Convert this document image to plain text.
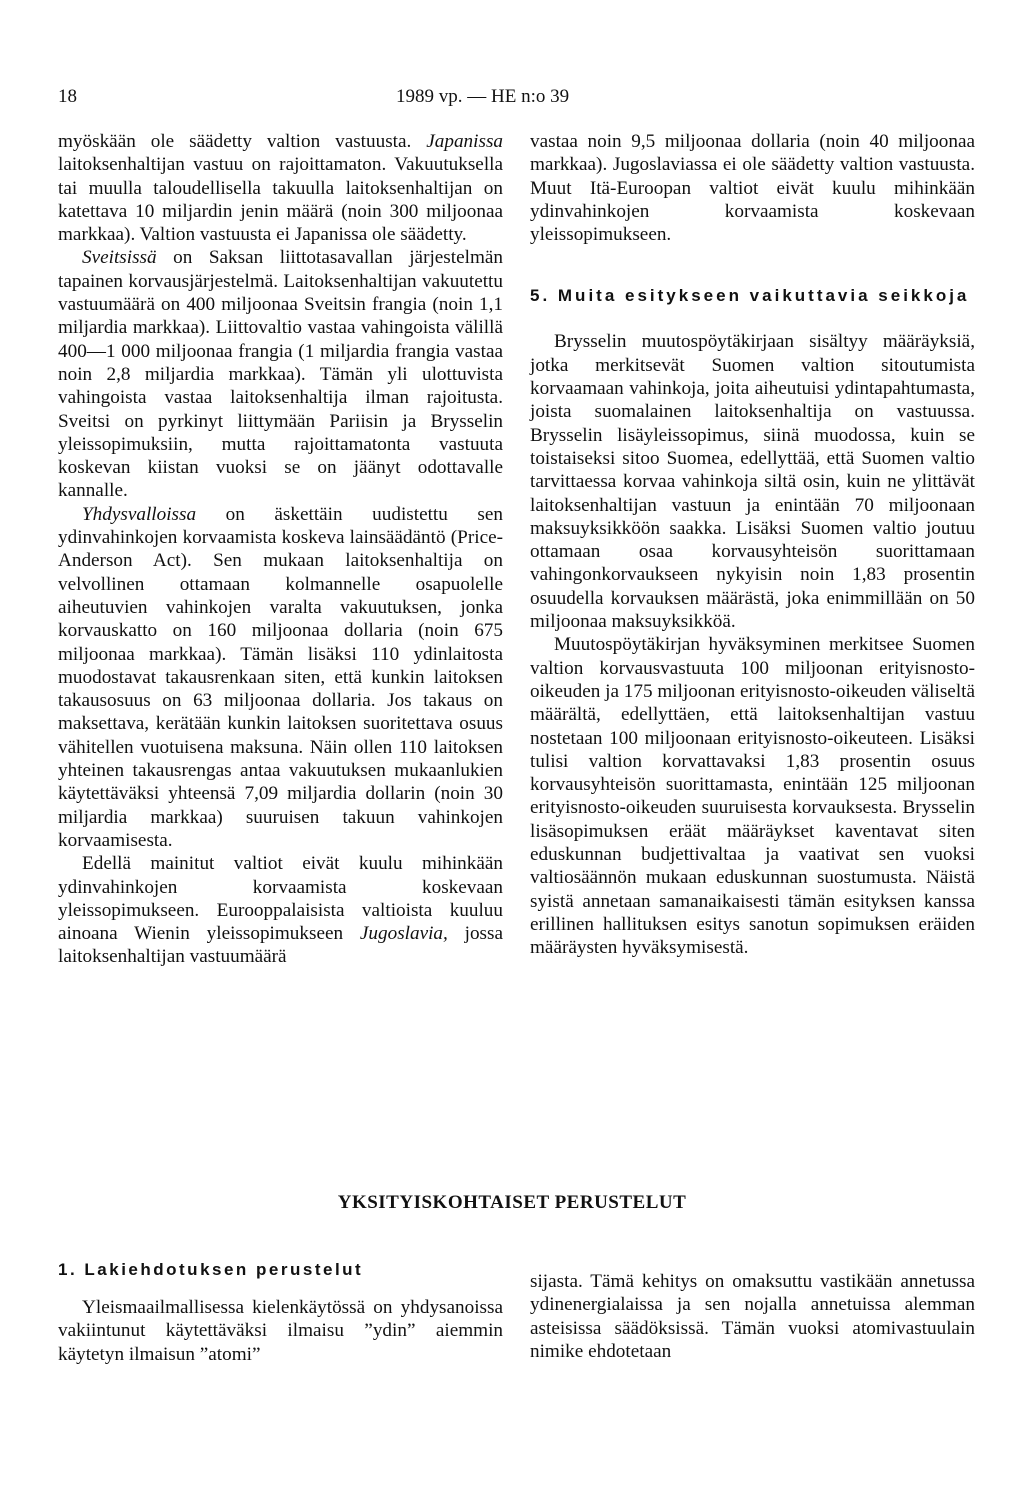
18	1989 vp. — HE n:o 39

myöskään ole säädetty valtion vastuusta. Japanissa laitoksenhaltijan vastuu on rajoittamaton. Vakuutuksella tai muulla taloudellisella takuulla laitoksenhaltijan on katettava 10 miljardin jenin määrä (noin 300 miljoonaa markkaa). Valtion vastuusta ei Japanissa ole säädetty.

Sveitsissä on Saksan liittotasavallan järjestelmän tapainen korvausjärjestelmä. Laitoksenhaltijan vakuutettu vastuumäärä on 400 miljoonaa Sveitsin frangia (noin 1,1 miljardia markkaa). Liittovaltio vastaa vahingoista välillä 400—1 000 miljoonaa frangia (1 miljardia frangia vastaa noin 2,8 miljardia markkaa). Tämän yli ulottuvista vahingoista vastaa laitoksenhaltija ilman rajoitusta. Sveitsi on pyrkinyt liittymään Pariisin ja Brysselin yleissopimuksiin, mutta rajoittamatonta vastuuta koskevan kiistan vuoksi se on jäänyt odottavalle kannalle.

Yhdysvalloissa on äskettäin uudistettu sen ydinvahinkojen korvaamista koskeva lainsäädäntö (Price-Anderson Act). Sen mukaan laitoksenhaltija on velvollinen ottamaan kolmannelle osapuolelle aiheutuvien vahinkojen varalta vakuutuksen, jonka korvauskatto on 160 miljoonaa dollaria (noin 675 miljoonaa markkaa). Tämän lisäksi 110 ydinlaitosta muodostavat takausrenkaan siten, että kunkin laitoksen takausosuus on 63 miljoonaa dollaria. Jos takaus on maksettava, kerätään kunkin laitoksen suoritettava osuus vähitellen vuotuisena maksuna. Näin ollen 110 laitoksen yhteinen takausrengas antaa vakuutuksen mukaanlukien käytettäväksi yhteensä 7,09 miljardia dollarin (noin 30 miljardia markkaa) suuruisen takuun vahinkojen korvaamisesta.

Edellä mainitut valtiot eivät kuulu mihinkään ydinvahinkojen korvaamista koskevaan yleissopimukseen. Eurooppalaisista valtioista kuuluu ainoana Wienin yleissopimukseen Jugoslavia, jossa laitoksenhaltijan vastuumäärä

vastaa noin 9,5 miljoonaa dollaria (noin 40 miljoonaa markkaa). Jugoslaviassa ei ole säädetty valtion vastuusta. Muut Itä-Euroopan valtiot eivät kuulu mihinkään ydinvahinkojen korvaamista koskevaan yleissopimukseen.

5. Muita esitykseen vaikuttavia seikkoja

Brysselin muutospöytäkirjaan sisältyy määräyksiä, jotka merkitsevät Suomen valtion sitoutumista korvaamaan vahinkoja, joita aiheutuisi ydintapahtumasta, joista suomalainen laitoksenhaltija on vastuussa. Brysselin lisäyleissopimus, siinä muodossa, kuin se toistaiseksi sitoo Suomea, edellyttää, että Suomen valtio tarvittaessa korvaa vahinkoja siltä osin, kuin ne ylittävät laitoksenhaltijan vastuun ja enintään 70 miljoonaan maksuyksikköön saakka. Lisäksi Suomen valtio joutuu ottamaan osaa korvausyhteisön suorittamaan vahingonkorvaukseen nykyisin noin 1,83 prosentin osuudella korvauksen määrästä, joka enimmillään on 50 miljoonaa maksuyksikköä.

Muutospöytäkirjan hyväksyminen merkitsee Suomen valtion korvausvastuuta 100 miljoonan erityisnosto-oikeuden ja 175 miljoonan erityisnosto-oikeuden väliseltä määrältä, edellyttäen, että laitoksenhaltijan vastuu nostetaan 100 miljoonaan erityisnosto-oikeuteen. Lisäksi tulisi valtion korvattavaksi 1,83 prosentin osuus korvausyhteisön suorittamasta, enintään 125 miljoonan erityisnosto-oikeuden suuruisesta korvauksesta. Brysselin lisäsopimuksen eräät määräykset kaventavat siten eduskunnan budjettivaltaa ja vaativat sen vuoksi valtiosäännön mukaan eduskunnan suostumusta. Näistä syistä annetaan samanaikaisesti tämän esityksen kanssa erillinen hallituksen esitys sanotun sopimuksen eräiden määräysten hyväksymisestä.

YKSITYISKOHTAISET PERUSTELUT
1. Lakiehdotuksen perustelut

Yleismaailmallisessa kielenkäytössä on yhdysanoissa vakiintunut käytettäväksi ilmaisu ”ydin” aiemmin käytetyn ilmaisun ”atomi”

sijasta. Tämä kehitys on omaksuttu vastikään annetussa ydinenergialaissa ja sen nojalla annetuissa alemman asteisissa säädöksissä. Tämän vuoksi atomivastuulain nimike ehdotetaan
